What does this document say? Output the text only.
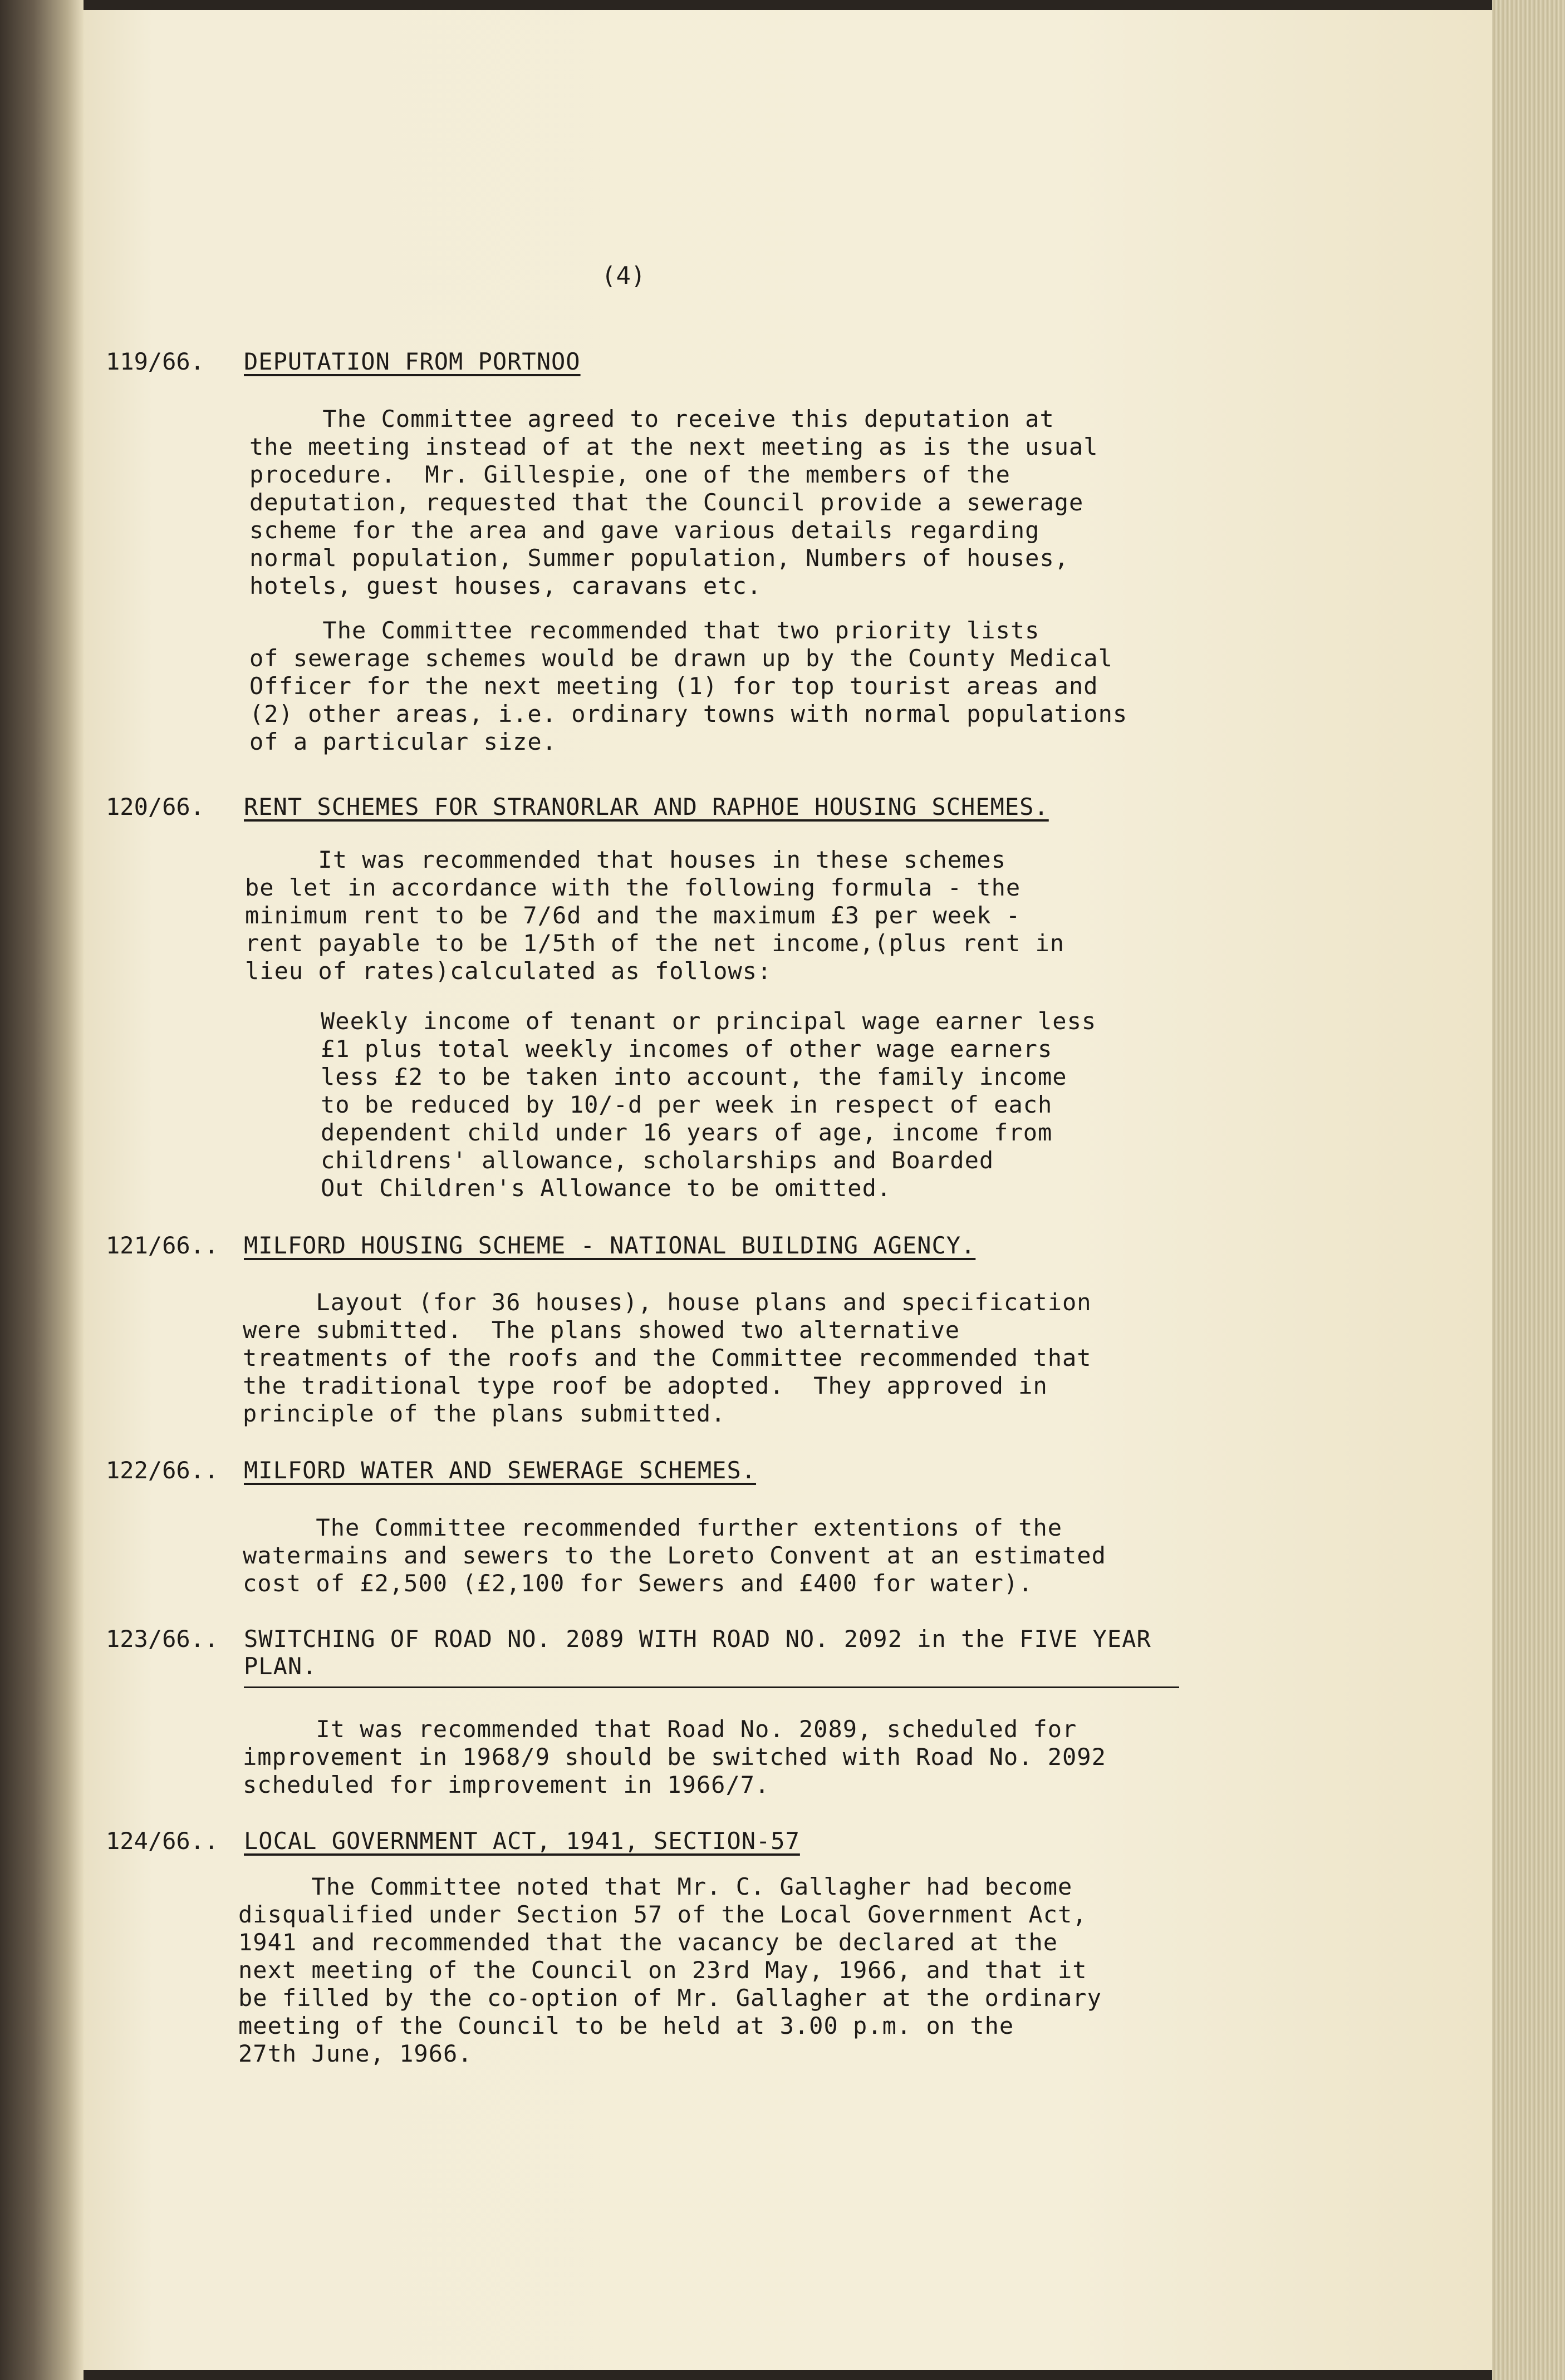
(4)
119/66. DEPUTATION FROM PORTNOO
The Committee agreed to receive this deputation at
the meeting instead of at the next meeting as is the usual
procedure.  Mr. Gillespie, one of the members of the
deputation, requested that the Council provide a sewerage
scheme for the area and gave various details regarding
normal population, Summer population, Numbers of houses,
hotels, guest houses, caravans etc.
The Committee recommended that two priority lists
of sewerage schemes would be drawn up by the County Medical
Officer for the next meeting (1) for top tourist areas and
(2) other areas, i.e. ordinary towns with normal populations
of a particular size.
120/66. RENT SCHEMES FOR STRANORLAR AND RAPHOE HOUSING SCHEMES.
It was recommended that houses in these schemes
be let in accordance with the following formula - the
minimum rent to be 7/6d and the maximum £3 per week -
rent payable to be 1/5th of the net income,(plus rent in
lieu of rates)calculated as follows:
Weekly income of tenant or principal wage earner less
£1 plus total weekly incomes of other wage earners
less £2 to be taken into account, the family income
to be reduced by 10/-d per week in respect of each
dependent child under 16 years of age, income from
childrens' allowance, scholarships and Boarded
Out Children's Allowance to be omitted.
121/66.. MILFORD HOUSING SCHEME - NATIONAL BUILDING AGENCY.
Layout (for 36 houses), house plans and specification
were submitted.  The plans showed two alternative
treatments of the roofs and the Committee recommended that
the traditional type roof be adopted.  They approved in
principle of the plans submitted.
122/66.. MILFORD WATER AND SEWERAGE SCHEMES.
The Committee recommended further extentions of the
watermains and sewers to the Loreto Convent at an estimated
cost of £2,500 (£2,100 for Sewers and £400 for water).
123/66.. SWITCHING OF ROAD NO. 2089 WITH ROAD NO. 2092 in the FIVE YEAR
PLAN.
It was recommended that Road No. 2089, scheduled for
improvement in 1968/9 should be switched with Road No. 2092
scheduled for improvement in 1966/7.
124/66.. LOCAL GOVERNMENT ACT, 1941, SECTION-57
The Committee noted that Mr. C. Gallagher had become
disqualified under Section 57 of the Local Government Act,
1941 and recommended that the vacancy be declared at the
next meeting of the Council on 23rd May, 1966, and that it
be filled by the co-option of Mr. Gallagher at the ordinary
meeting of the Council to be held at 3.00 p.m. on the
27th June, 1966.
